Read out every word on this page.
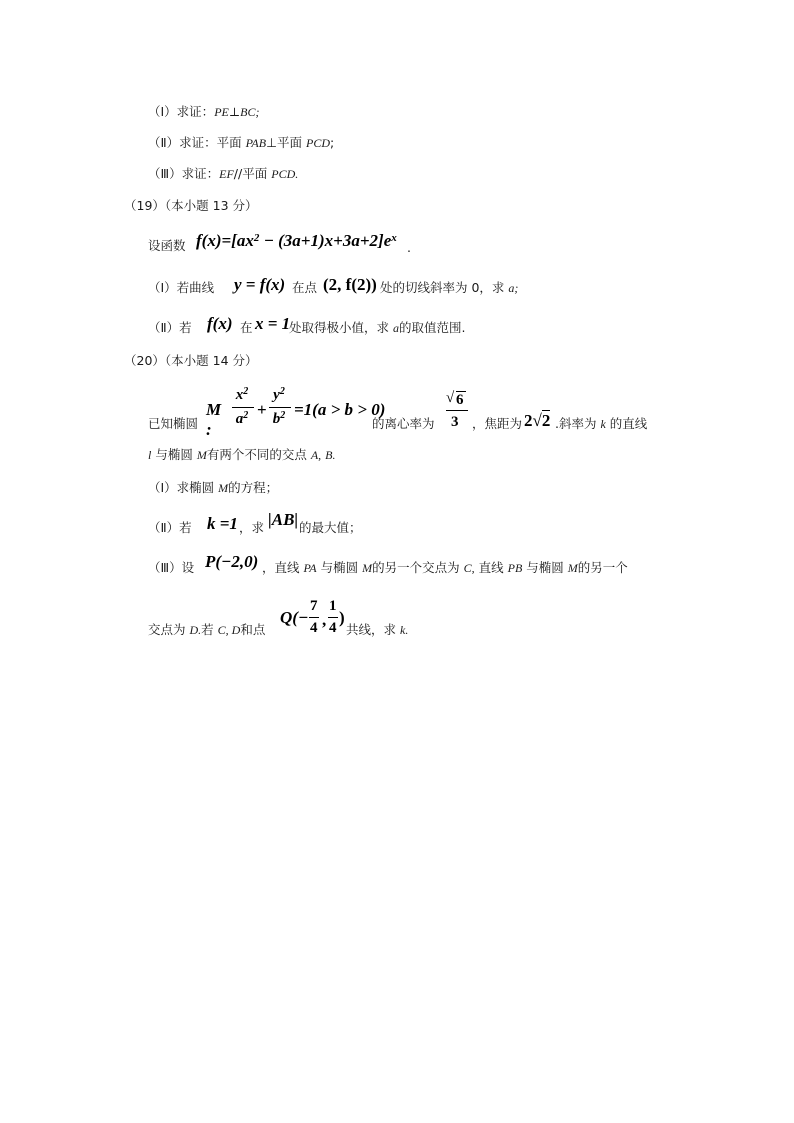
（Ⅰ）求证：PE⊥BC;
（Ⅱ）求证：平面 PAB⊥平面 PCD;
（Ⅲ）求证：EF//平面 PCD.
（19）（本小题 13 分）
设函数 $f(x)=[ax^2 - (3a+1)x+3a+2]e^x$
.
（Ⅰ）若曲线 y = f(x) 在点 (2, f(2)) 处的切线斜率为 0，求 a;
（Ⅱ）若 f(x) 在 x = 1
处取得极小值，求 a的取值范围.
（20）（本小题 14 分）
已知椭圆
M :
$x^2$
$a^2$ +
$y^2$
$b^2 =1(a > b > 0)$
的离心率为
√ 6
3 ，焦距为 2√2 .斜率为 k 的直线
l 与椭圆 M有两个不同的交点 A, B.
（Ⅰ）求椭圆 M的方程；
（Ⅱ）若 k =1 ，求 |AB| 的最大值；
（Ⅲ）设 P(−2,0) ，直线 PA 与椭圆 M的另一个交点为 C, 直线 PB 与椭圆 M的另一个
交点为 D.若 C, D和点
Q(−
7
4 ,
1
4
)
共线，求 k.
